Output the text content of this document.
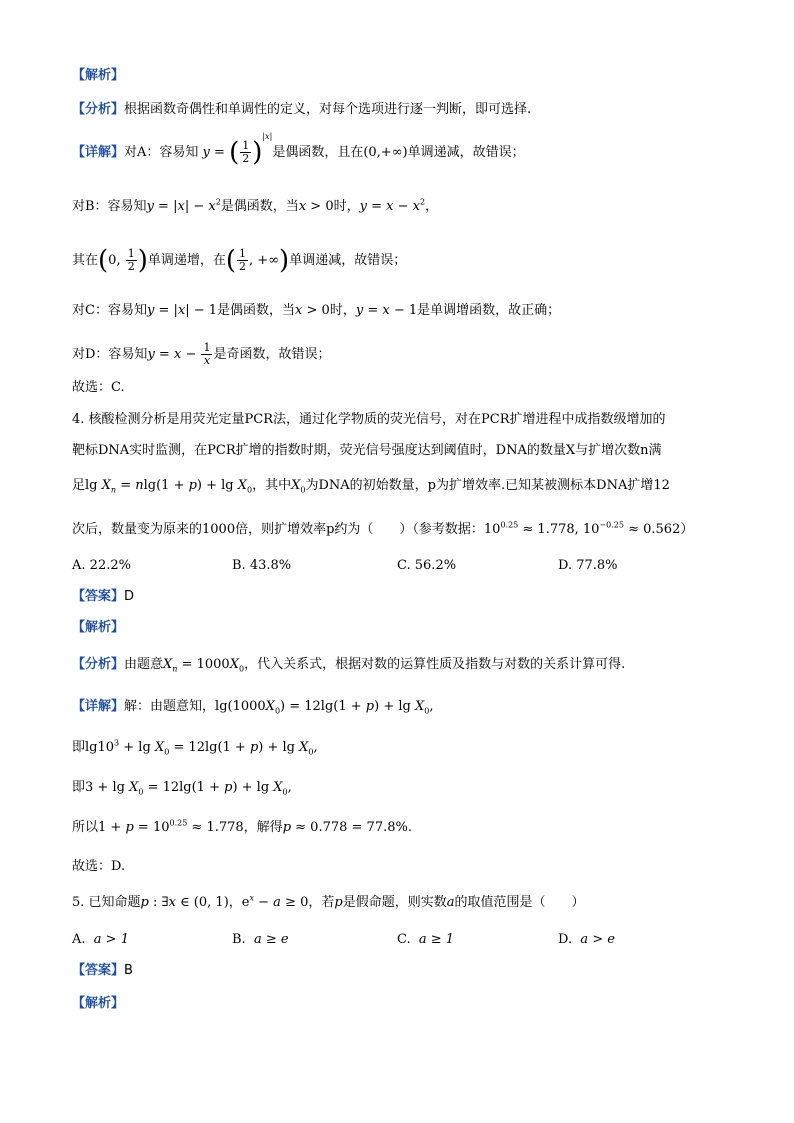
【解析】
【分析】根据函数奇偶性和单调性的定义，对每个选项进行逐一判断，即可选择.
【详解】对A：容易知 y = ( $\frac{1}{2} )^{|x|}$是偶函数，且在(0,+∞)单调递减，故错误；
对B：容易知$y = |x| - x^2$是偶函数，当x > 0时，$y = x - x^2$，
其在(0, $\frac{1}{2}$ )单调递增，在( $\frac{1}{2}$ , +∞)单调递减，故错误；
对C：容易知y = |x| − 1是偶函数，当x > 0时，y = x − 1是单调增函数，故正确；
对D：容易知$y = x - \frac{1}{x}$ 是奇函数，故错误；
故选：C.
4. 核酸检测分析是用荧光定量PCR法，通过化学物质的荧光信号，对在PCR扩增进程中成指数级增加的
靶标DNA实时监测，在PCR扩增的指数时期，荧光信号强度达到阈值时，DNA的数量X与扩增次数n满
足$\lg X_n = nlg(1 + p) + \lg X_0$，其中$X_0$为DNA的初始数量，p为扩增效率.已知某被测标本DNA扩增12
次后，数量变为原来的1000倍，则扩增效率p约为（　　）（参考数据：$10^{0.25} \approx 1.778$, $10^{-0.25} \approx 0.562$）
A. 22.2%	B. 43.8%	C. 56.2%	D. 77.8%
【答案】D
【解析】
【分析】由题意$X_n = 1000X_0$，代入关系式，根据对数的运算性质及指数与对数的关系计算可得.
【详解】解：由题意知，$\lg(1000X_0) = 12\lg(1 + p) + \lg X_0$,
即$\lg 10^3 + \lg X_0 = 12\lg(1 + p) + \lg X_0$,
即$3 + \lg X_0 = 12\lg(1 + p) + \lg X_0$,
所以$1 + p = 10^{0.25} \approx 1.778$，解得p ≈ 0.778 = 77.8%.
故选：D.
5. 已知命题p : ∃x ∈ (0, 1)，$e^x - a \ge 0$，若p是假命题，则实数a的取值范围是（　　）
A. a > 1	B. a ≥ e	C. a ≥ 1	D. a > e
【答案】B
【解析】
